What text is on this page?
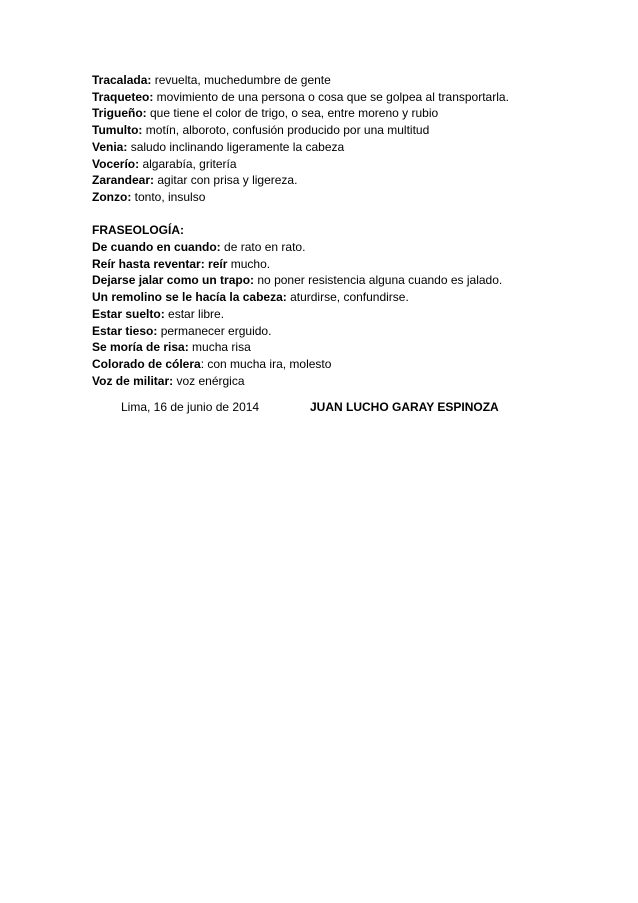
Tracalada: revuelta, muchedumbre de gente

Traqueteo: movimiento de una persona o cosa que se golpea al transportarla.

Trigueño: que tiene el color de trigo, o sea, entre moreno y rubio

Tumulto: motín, alboroto, confusión producido por una multitud

Venia: saludo inclinando ligeramente la cabeza

Vocerío: algarabía, gritería

Zarandear: agitar con prisa y ligereza.

Zonzo: tonto, insulso

FRASEOLOGÍA:

De cuando en cuando: de rato en rato.

Reír hasta reventar: reír mucho.

Dejarse jalar como un trapo: no poner resistencia alguna cuando es jalado.

Un remolino se le hacía la cabeza: aturdirse, confundirse.

Estar suelto: estar libre.

Estar tieso: permanecer erguido.

Se moría de risa: mucha risa

Colorado de cólera: con mucha ira, molesto

Voz de militar: voz enérgica

Lima, 16 de junio de 2014	JUAN LUCHO GARAY ESPINOZA
